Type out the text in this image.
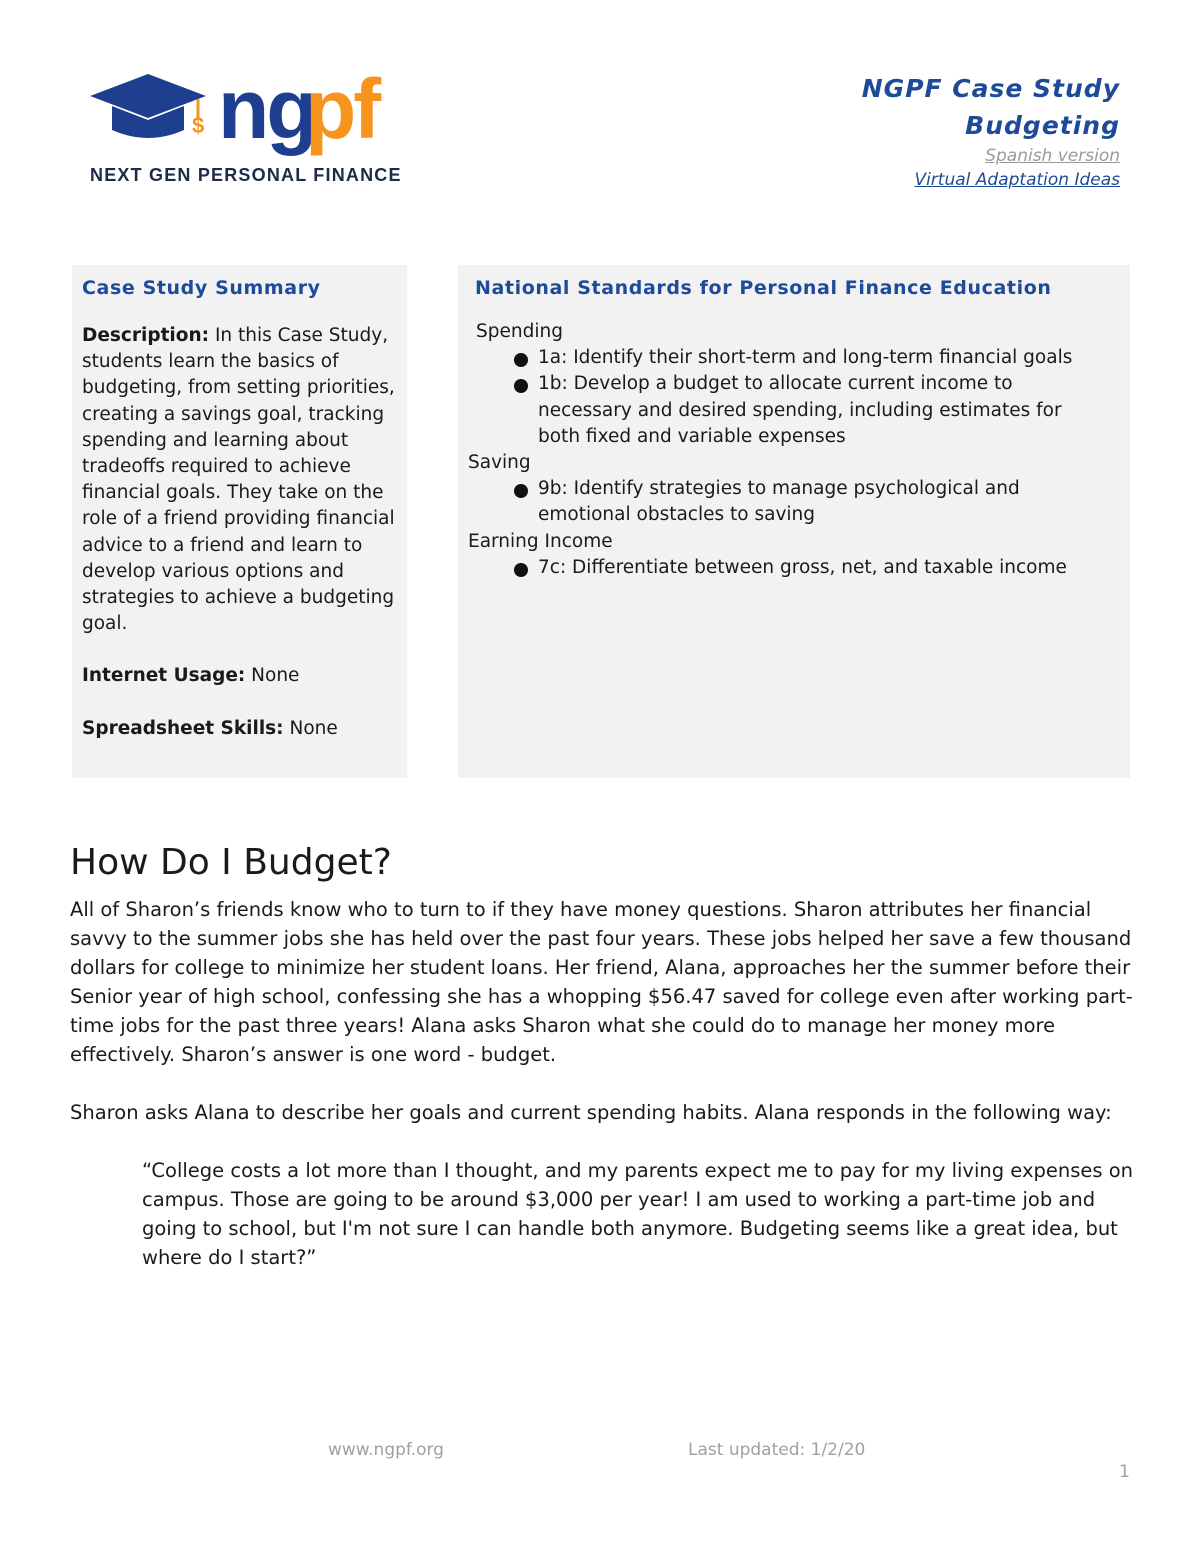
$ ng
pf
NEXT GEN PERSONAL FINANCE
NGPF Case Study
Budgeting
Spanish version
Virtual Adaptation Ideas
Case Study Summary

Description: In this Case Study, students learn the basics of budgeting, from setting priorities, creating a savings goal, tracking spending and learning about tradeoffs required to achieve financial goals. They take on the role of a friend providing financial advice to a friend and learn to develop various options and strategies to achieve a budgeting goal.

Internet Usage: None

Spreadsheet Skills: None

National Standards for Personal Finance Education
Spending
1a: Identify their short-term and long-term financial goals
1b: Develop a budget to allocate current income to necessary and desired spending, including estimates for both fixed and variable expenses
Saving
9b: Identify strategies to manage psychological and emotional obstacles to saving
Earning Income
7c: Differentiate between gross, net, and taxable income
How Do I Budget?

All of Sharon’s friends know who to turn to if they have money questions. Sharon attributes her financial savvy to the summer jobs she has held over the past four years. These jobs helped her save a few thousand dollars for college to minimize her student loans. Her friend, Alana, approaches her the summer before their Senior year of high school, confessing she has a whopping $56.47 saved for college even after working part-time jobs for the past three years! Alana asks Sharon what she could do to manage her money more effectively. Sharon’s answer is one word - budget.

Sharon asks Alana to describe her goals and current spending habits. Alana responds in the following way:

“College costs a lot more than I thought, and my parents expect me to pay for my living expenses on campus. Those are going to be around $3,000 per year! I am used to working a part-time job and going to school, but I'm not sure I can handle both anymore. Budgeting seems like a great idea, but where do I start?”

www.ngpf.org	Last updated: 1/2/20
1
